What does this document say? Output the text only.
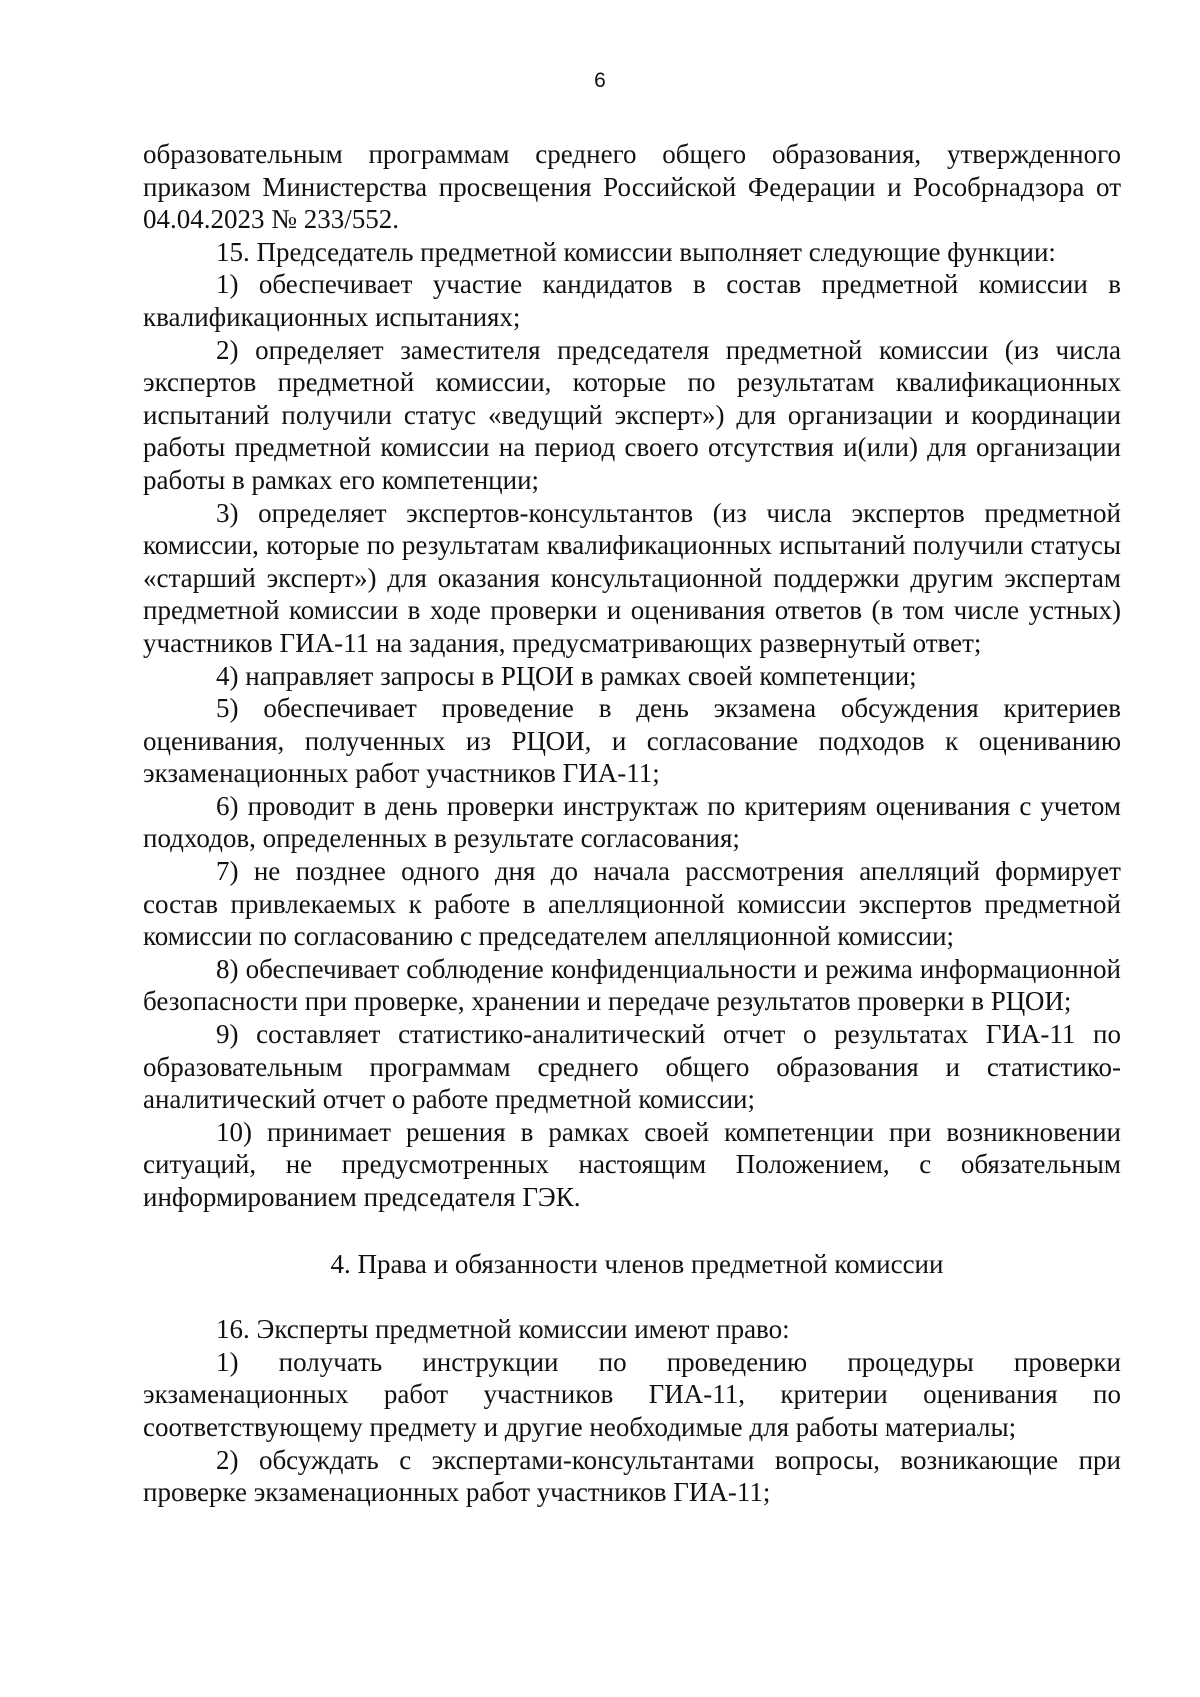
6

образовательным программам среднего общего образования, утвержденного приказом Министерства просвещения Российской Федерации и Рособрнадзора от 04.04.2023 № 233/552.

15. Председатель предметной комиссии выполняет следующие функции:

1) обеспечивает участие кандидатов в состав предметной комиссии в квалификационных испытаниях;

2) определяет заместителя председателя предметной комиссии (из числа экспертов предметной комиссии, которые по результатам квалификационных испытаний получили статус «ведущий эксперт») для организации и координации работы предметной комиссии на период своего отсутствия и(или) для организации работы в рамках его компетенции;

3) определяет экспертов-консультантов (из числа экспертов предметной комиссии, которые по результатам квалификационных испытаний получили статусы «старший эксперт») для оказания консультационной поддержки другим экспертам предметной комиссии в ходе проверки и оценивания ответов (в том числе устных) участников ГИА-11 на задания, предусматривающих развернутый ответ;

4) направляет запросы в РЦОИ в рамках своей компетенции;

5) обеспечивает проведение в день экзамена обсуждения критериев оценивания, полученных из РЦОИ, и согласование подходов к оцениванию экзаменационных работ участников ГИА-11;

6) проводит в день проверки инструктаж по критериям оценивания с учетом подходов, определенных в результате согласования;

7) не позднее одного дня до начала рассмотрения апелляций формирует состав привлекаемых к работе в апелляционной комиссии экспертов предметной комиссии по согласованию с председателем апелляционной комиссии;

8) обеспечивает соблюдение конфиденциальности и режима информационной безопасности при проверке, хранении и передаче результатов проверки в РЦОИ;

9) составляет статистико-аналитический отчет о результатах ГИА-11 по образовательным программам среднего общего образования и статистико-аналитический отчет о работе предметной комиссии;

10) принимает решения в рамках своей компетенции при возникновении ситуаций, не предусмотренных настоящим Положением, с обязательным информированием председателя ГЭК.

4. Права и обязанности членов предметной комиссии

16. Эксперты предметной комиссии имеют право:

1) получать инструкции по проведению процедуры проверки экзаменационных работ участников ГИА-11, критерии оценивания по соответствующему предмету и другие необходимые для работы материалы;

2) обсуждать с экспертами-консультантами вопросы, возникающие при проверке экзаменационных работ участников ГИА-11;
